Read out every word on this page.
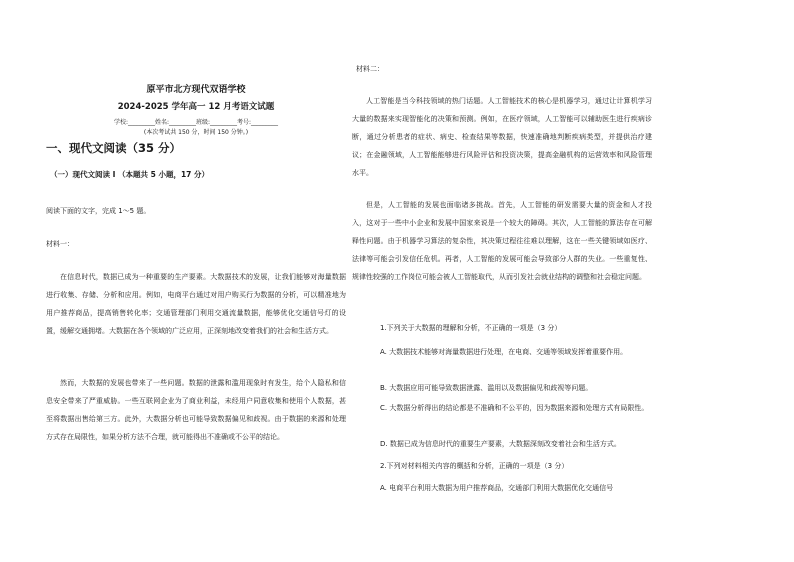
原平市北方现代双语学校

2024-2025 学年高一 12 月考语文试题

学校:_________姓名:_________班级:_________考号:_________

(本次考试共 150 分，时间 150 分钟。)

一、现代文阅读（35 分）

（一）现代文阅读 I （本题共 5 小题，17 分）

阅读下面的文字，完成 1～5 题。

材料一：

在信息时代，数据已成为一种重要的生产要素。大数据技术的发展，让我们能够对海量数据进行收集、存储、分析和应用。例如，电商平台通过对用户购买行为数据的分析，可以精准地为用户推荐商品，提高销售转化率；交通管理部门利用交通流量数据，能够优化交通信号灯的设置，缓解交通拥堵。大数据在各个领域的广泛应用，正深刻地改变着我们的社会和生活方式。

然而，大数据的发展也带来了一些问题。数据的泄露和滥用现象时有发生，给个人隐私和信息安全带来了严重威胁。一些互联网企业为了商业利益，未经用户同意收集和使用个人数据，甚至将数据出售给第三方。此外，大数据分析也可能导致数据偏见和歧视。由于数据的来源和处理方式存在局限性，如果分析方法不合理，就可能得出不准确或不公平的结论。

材料二：

人工智能是当今科技领域的热门话题。人工智能技术的核心是机器学习，通过让计算机学习大量的数据来实现智能化的决策和预测。例如，在医疗领域，人工智能可以辅助医生进行疾病诊断，通过分析患者的症状、病史、检查结果等数据，快速准确地判断疾病类型，并提供治疗建议；在金融领域，人工智能能够进行风险评估和投资决策，提高金融机构的运营效率和风险管理水平。

但是，人工智能的发展也面临诸多挑战。首先，人工智能的研发需要大量的资金和人才投入，这对于一些中小企业和发展中国家来说是一个较大的障碍。其次，人工智能的算法存在可解释性问题。由于机器学习算法的复杂性，其决策过程往往难以理解，这在一些关键领域如医疗、法律等可能会引发信任危机。再者，人工智能的发展可能会导致部分人群的失业。一些重复性、规律性较强的工作岗位可能会被人工智能取代，从而引发社会就业结构的调整和社会稳定问题。

1.下列关于大数据的理解和分析，不正确的一项是（3 分）

A. 大数据技术能够对海量数据进行处理，在电商、交通等领域发挥着重要作用。

B. 大数据应用可能导致数据泄露、滥用以及数据偏见和歧视等问题。

C. 大数据分析得出的结论都是不准确和不公平的，因为数据来源和处理方式有局限性。

D. 数据已成为信息时代的重要生产要素，大数据深刻改变着社会和生活方式。

2.下列对材料相关内容的概括和分析，正确的一项是（3 分）

A. 电商平台利用大数据为用户推荐商品，交通部门利用大数据优化交通信号
